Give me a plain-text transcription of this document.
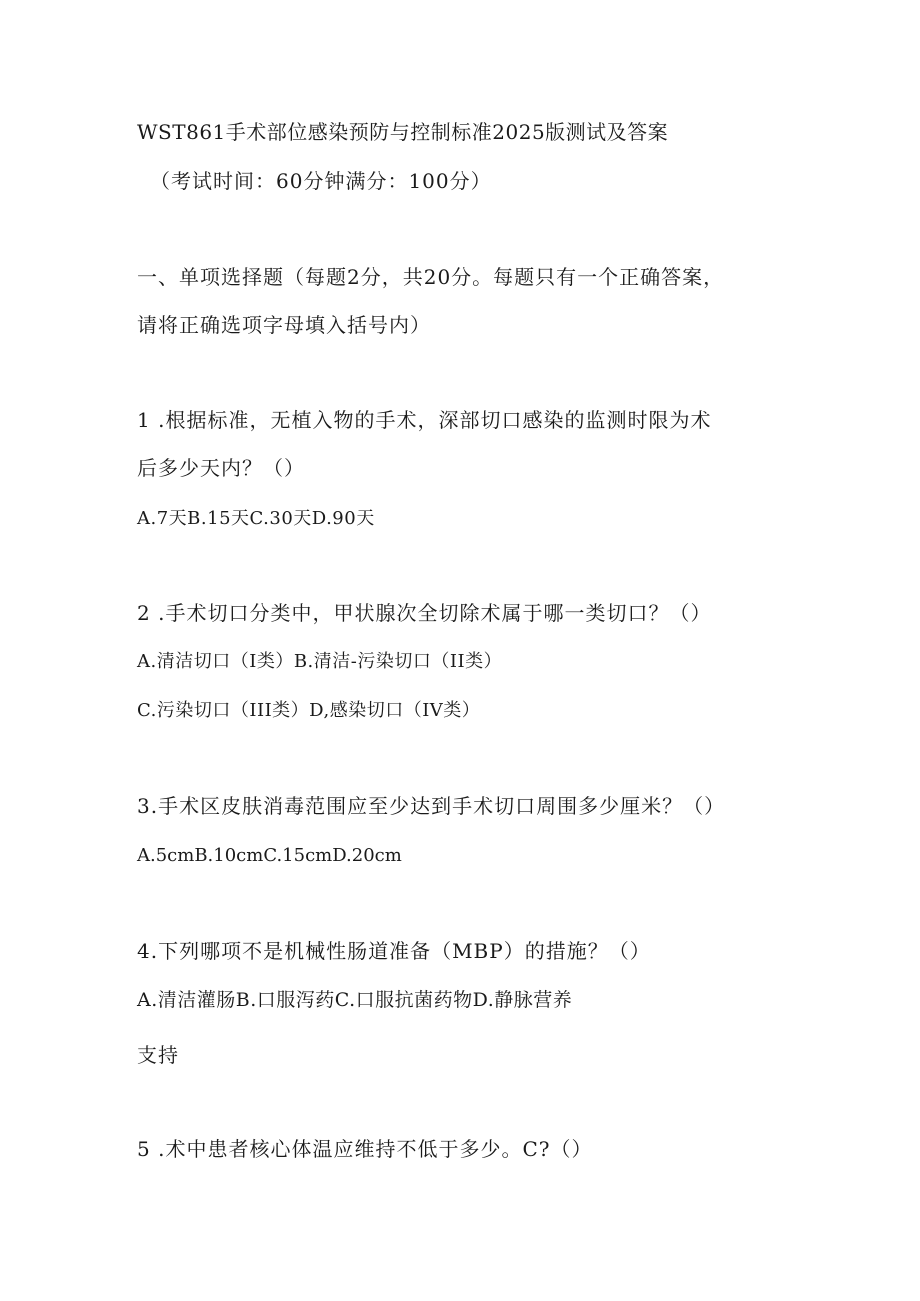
WST861手术部位感染预防与控制标准2025版测试及答案
（考试时间：60分钟满分：100分）
一、单项选择题（每题2分，共20分。每题只有一个正确答案，
请将正确选项字母填入括号内）
1 .根据标准，无植入物的手术，深部切口感染的监测时限为术
后多少天内？（）
A.7天B.15天C.30天D.90天
2 .手术切口分类中，甲状腺次全切除术属于哪一类切口？（）
A.清洁切口（I类）B.清洁-污染切口（II类）
C.污染切口（III类）D,感染切口（IV类）
3.手术区皮肤消毒范围应至少达到手术切口周围多少厘米？（）
A.5cmB.10cmC.15cmD.20cm
4.下列哪项不是机械性肠道准备（MBP）的措施？（）
A.清洁灌肠B.口服泻药C.口服抗菌药物D.静脉营养
支持
5 .术中患者核心体温应维持不低于多少。C?（）
